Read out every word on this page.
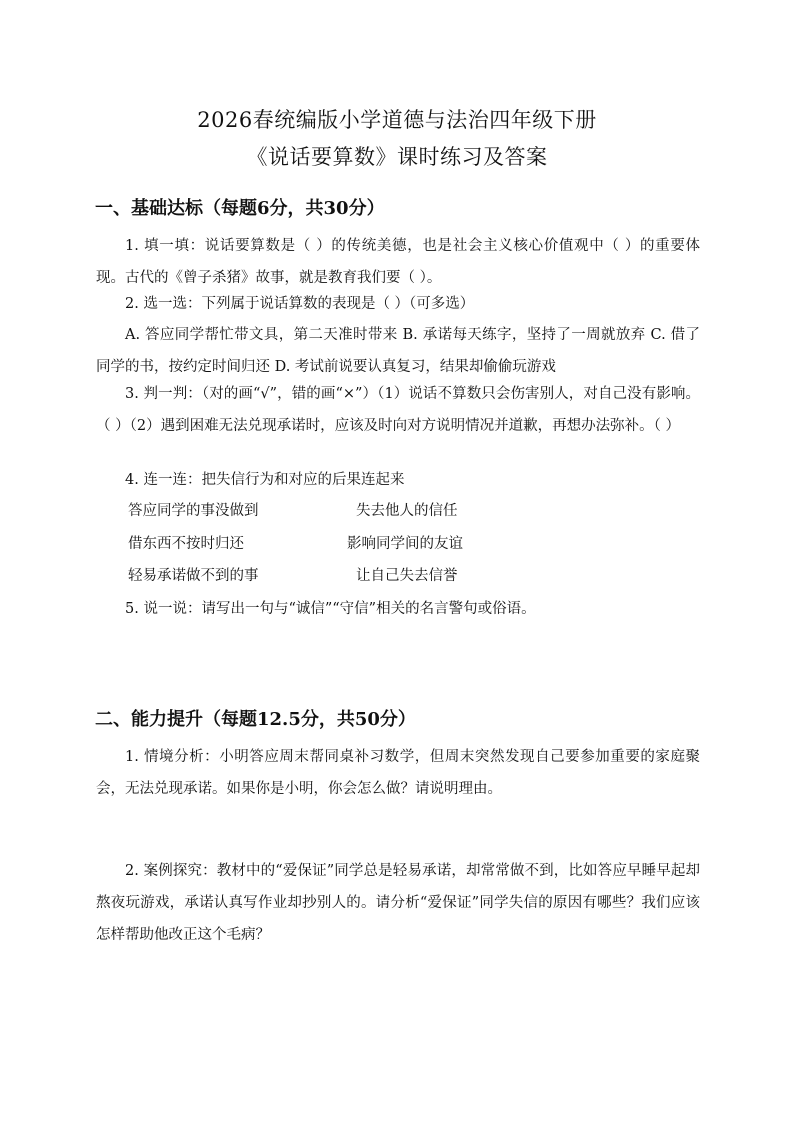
2026春统编版小学道德与法治四年级下册
《说话要算数》课时练习及答案
一、基础达标（每题6分，共30分）
1. 填一填：说话要算数是（ ）的传统美德，也是社会主义核心价值观中（ ）的重要体现。古代的《曾子杀猪》故事，就是教育我们要（ ）。
2. 选一选：下列属于说话算数的表现是（ ）（可多选）
A. 答应同学帮忙带文具，第二天准时带来 B. 承诺每天练字，坚持了一周就放弃 C. 借了同学的书，按约定时间归还 D. 考试前说要认真复习，结果却偷偷玩游戏
3. 判一判：（对的画“√”，错的画“×”）（1）说话不算数只会伤害别人，对自己没有影响。（ ）（2）遇到困难无法兑现承诺时，应该及时向对方说明情况并道歉，再想办法弥补。（ ）
4. 连一连：把失信行为和对应的后果连起来
答应同学的事没做到	失去他人的信任
借东西不按时归还	影响同学间的友谊
轻易承诺做不到的事	让自己失去信誉
5. 说一说：请写出一句与“诚信”“守信”相关的名言警句或俗语。
二、能力提升（每题12.5分，共50分）
1. 情境分析：小明答应周末帮同桌补习数学，但周末突然发现自己要参加重要的家庭聚会，无法兑现承诺。如果你是小明，你会怎么做？请说明理由。
2. 案例探究：教材中的“爱保证”同学总是轻易承诺，却常常做不到，比如答应早睡早起却熬夜玩游戏，承诺认真写作业却抄别人的。请分析“爱保证”同学失信的原因有哪些？我们应该怎样帮助他改正这个毛病？
